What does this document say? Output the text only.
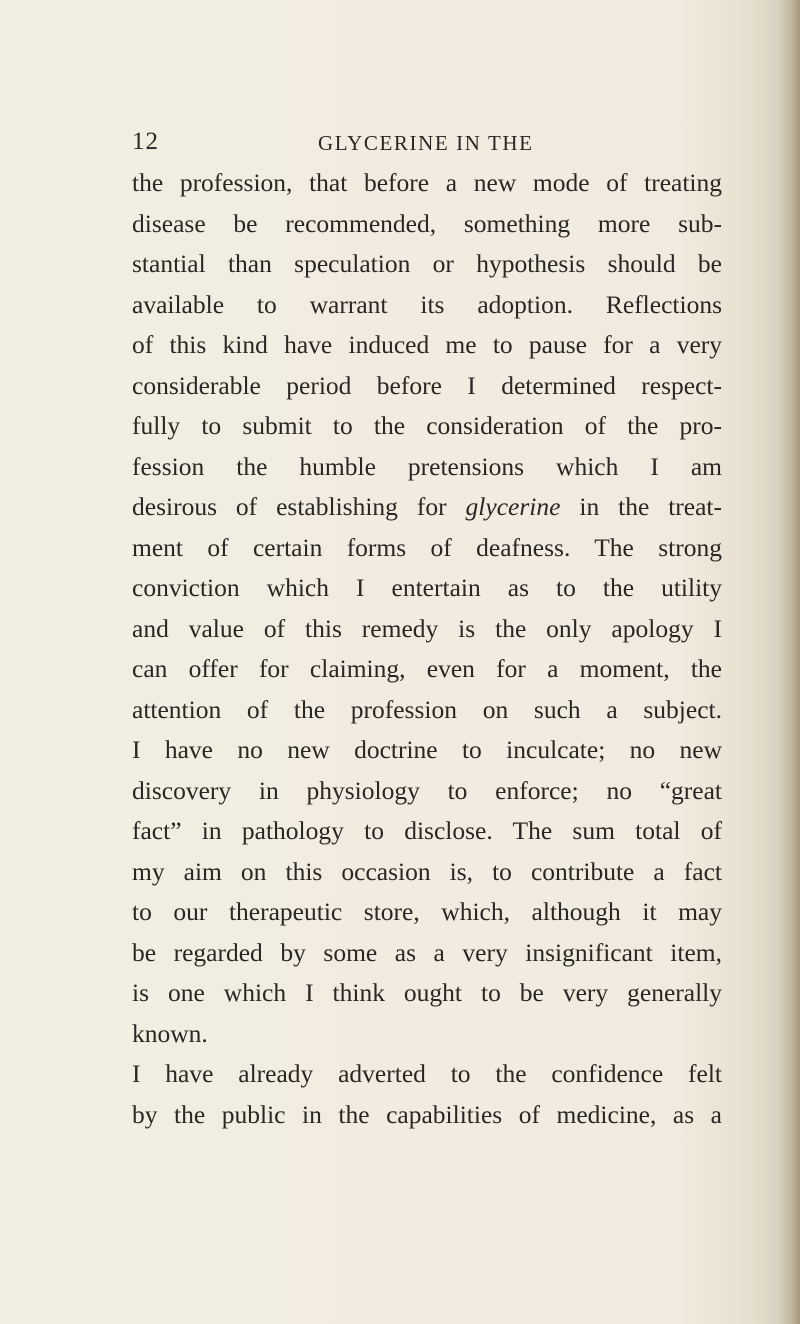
12	GLYCERINE IN THE
the profession, that before a new mode of treating
disease be recommended, something more sub-
stantial than speculation or hypothesis should be
available to warrant its adoption. Reflections
of this kind have induced me to pause for a very
considerable period before I determined respect-
fully to submit to the consideration of the pro-
fession the humble pretensions which I am
desirous of establishing for glycerine in the treat-
ment of certain forms of deafness. The strong
conviction which I entertain as to the utility
and value of this remedy is the only apology I
can offer for claiming, even for a moment, the
attention of the profession on such a subject.
I have no new doctrine to inculcate; no new
discovery in physiology to enforce; no “great
fact” in pathology to disclose. The sum total of
my aim on this occasion is, to contribute a fact
to our therapeutic store, which, although it may
be regarded by some as a very insignificant item,
is one which I think ought to be very generally
known.
I have already adverted to the confidence felt
by the public in the capabilities of medicine, as a
